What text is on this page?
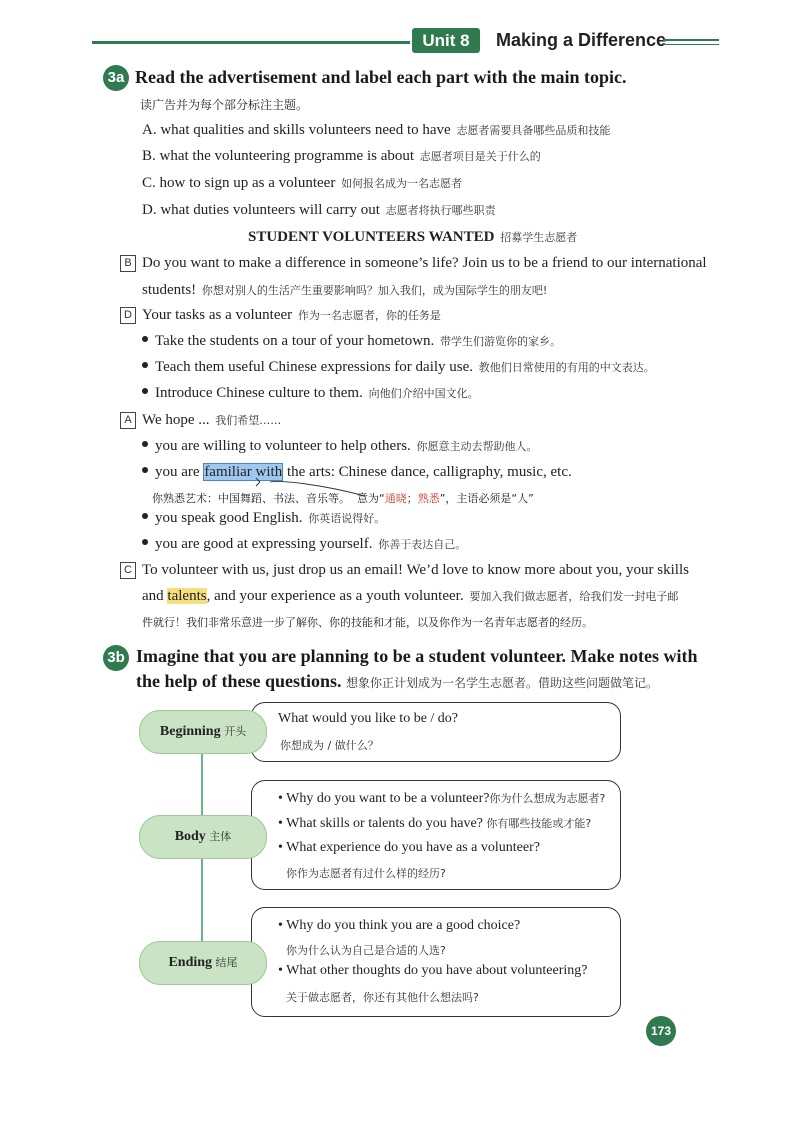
Unit 8	Making a Difference
3a Read the advertisement and label each part with the main topic.
读广告并为每个部分标注主题。
A. what qualities and skills volunteers need to have 志愿者需要具备哪些品质和技能
B. what the volunteering programme is about 志愿者项目是关于什么的
C. how to sign up as a volunteer 如何报名成为一名志愿者
D. what duties volunteers will carry out 志愿者将执行哪些职责
STUDENT VOLUNTEERS WANTED 招募学生志愿者
B Do you want to make a difference in someone’s life? Join us to be a friend to our international
students! 你想对别人的生活产生重要影响吗？加入我们，成为国际学生的朋友吧!
D Your tasks as a volunteer 作为一名志愿者，你的任务是
Take the students on a tour of your hometown. 带学生们游览你的家乡。
Teach them useful Chinese expressions for daily use. 教他们日常使用的有用的中文表达。
Introduce Chinese culture to them. 向他们介绍中国文化。
A We hope ... 我们希望……
you are willing to volunteer to help others. 你愿意主动去帮助他人。
you are familiar with the arts: Chinese dance, calligraphy, music, etc.
你熟悉艺术：中国舞蹈、书法、音乐等。 意为“通晓；熟悉”，主语必须是“人”
you speak good English. 你英语说得好。
you are good at expressing yourself. 你善于表达自己。
C To volunteer with us, just drop us an email! We’d love to know more about you, your skills
and talents, and your experience as a youth volunteer. 要加入我们做志愿者，给我们发一封电子邮
件就行！我们非常乐意进一步了解你、你的技能和才能，以及你作为一名青年志愿者的经历。
3b Imagine that you are planning to be a student volunteer. Make notes with
the help of these questions. 想象你正计划成为一名学生志愿者。借助这些问题做笔记。
Beginning 开头
Body 主体
Ending 结尾
What would you like to be / do?
你想成为 / 做什么？
• Why do you want to be a volunteer?你为什么想成为志愿者?
• What skills or talents do you have? 你有哪些技能或才能?
• What experience do you have as a volunteer?
你作为志愿者有过什么样的经历?
• Why do you think you are a good choice?
你为什么认为自己是合适的人选?
• What other thoughts do you have about volunteering?
关于做志愿者，你还有其他什么想法吗?
173
